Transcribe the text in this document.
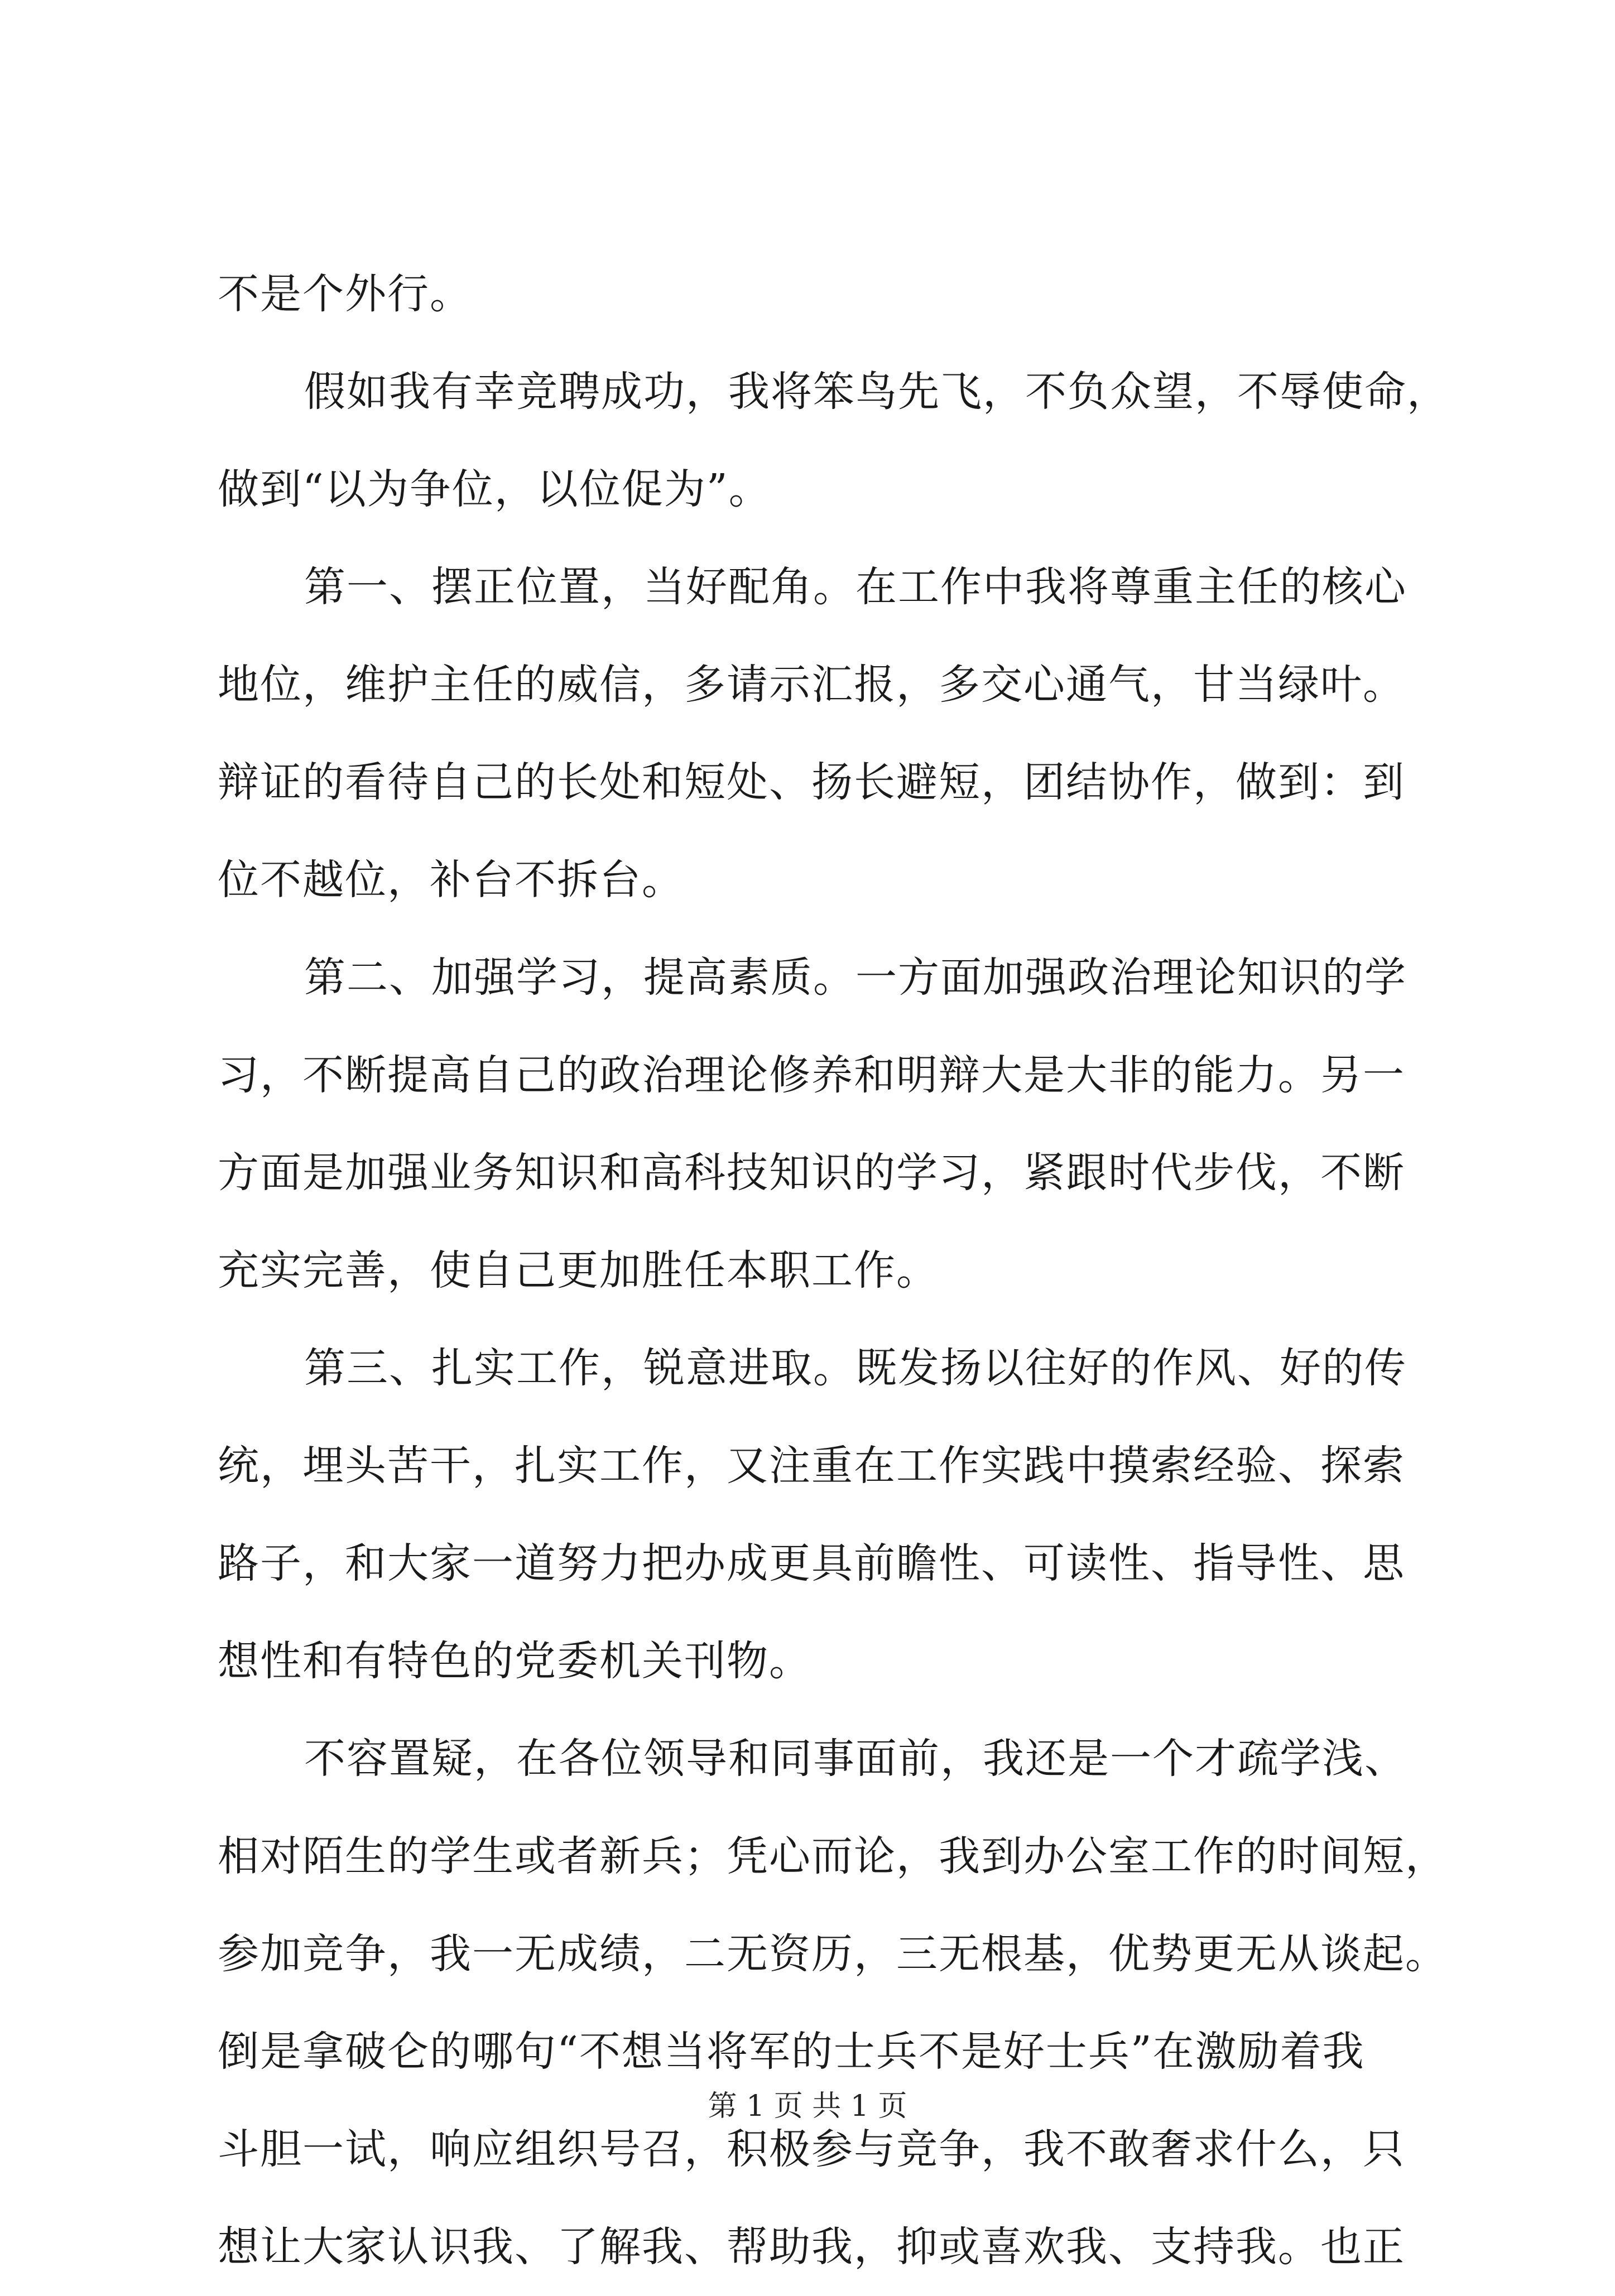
不是个外行。
假如我有幸竞聘成功，我将笨鸟先飞，不负众望，不辱使命，
做到“以为争位，以位促为”。
第一、摆正位置，当好配角。在工作中我将尊重主任的核心
地位，维护主任的威信，多请示汇报，多交心通气，甘当绿叶。
辩证的看待自己的长处和短处、扬长避短，团结协作，做到：到
位不越位，补台不拆台。
第二、加强学习，提高素质。一方面加强政治理论知识的学
习，不断提高自己的政治理论修养和明辩大是大非的能力。另一
方面是加强业务知识和高科技知识的学习，紧跟时代步伐，不断
充实完善，使自己更加胜任本职工作。
第三、扎实工作，锐意进取。既发扬以往好的作风、好的传
统，埋头苦干，扎实工作，又注重在工作实践中摸索经验、探索
路子，和大家一道努力把办成更具前瞻性、可读性、指导性、思
想性和有特色的党委机关刊物。
不容置疑，在各位领导和同事面前，我还是一个才疏学浅、
相对陌生的学生或者新兵；凭心而论，我到办公室工作的时间短，
参加竞争，我一无成绩，二无资历，三无根基，优势更无从谈起。
倒是拿破仑的哪句“不想当将军的士兵不是好士兵”在激励着我
斗胆一试，响应组织号召，积极参与竞争，我不敢奢求什么，只
想让大家认识我、了解我、帮助我，抑或喜欢我、支持我。也正
第 1 页 共 1 页
